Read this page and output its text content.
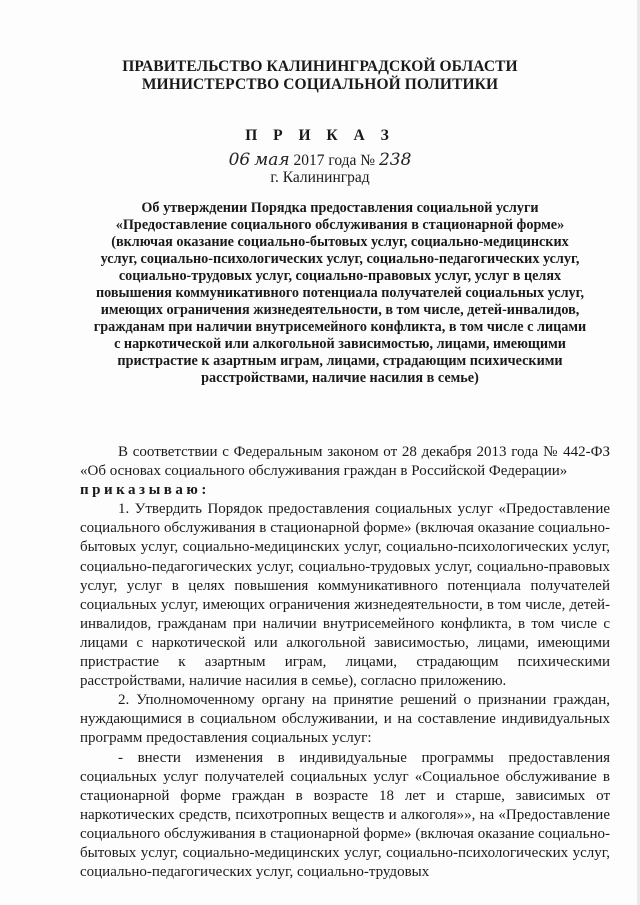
ПРАВИТЕЛЬСТВО КАЛИНИНГРАДСКОЙ ОБЛАСТИ
МИНИСТЕРСТВО СОЦИАЛЬНОЙ ПОЛИТИКИ
П Р И К А З
06 мая 2017 года № 238
г. Калининград
Об утверждении Порядка предоставления социальной услуги
«Предоставление социального обслуживания в стационарной форме»
(включая оказание социально-бытовых услуг, социально-медицинских
услуг, социально-психологических услуг, социально-педагогических услуг,
социально-трудовых услуг, социально-правовых услуг, услуг в целях
повышения коммуникативного потенциала получателей социальных услуг,
имеющих ограничения жизнедеятельности, в том числе, детей-инвалидов,
гражданам при наличии внутрисемейного конфликта, в том числе с лицами
с наркотической или алкогольной зависимостью, лицами, имеющими
пристрастие к азартным играм, лицами, страдающим психическими
расстройствами, наличие насилия в семье)

В соответствии с Федеральным законом от 28 декабря 2013 года № 442-ФЗ «Об основах социального обслуживания граждан в Российской Федерации»
приказываю:

1. Утвердить Порядок предоставления социальных услуг «Предоставление социального обслуживания в стационарной форме» (включая оказание социально-бытовых услуг, социально-медицинских услуг, социально-психологических услуг, социально-педагогических услуг, социально-трудовых услуг, социально-правовых услуг, услуг в целях повышения коммуникативного потенциала получателей социальных услуг, имеющих ограничения жизнедеятельности, в том числе, детей-инвалидов, гражданам при наличии внутрисемейного конфликта, в том числе с лицами с наркотической или алкогольной зависимостью, лицами, имеющими пристрастие к азартным играм, лицами, страдающим психическими расстройствами, наличие насилия в семье), согласно приложению.

2. Уполномоченному органу на принятие решений о признании граждан, нуждающимися в социальном обслуживании, и на составление индивидуальных программ предоставления социальных услуг:

- внести изменения в индивидуальные программы предоставления социальных услуг получателей социальных услуг «Социальное обслуживание в стационарной форме граждан в возрасте 18 лет и старше, зависимых от наркотических средств, психотропных веществ и алкоголя»», на «Предоставление социального обслуживания в стационарной форме» (включая оказание социально-бытовых услуг, социально-медицинских услуг, социально-психологических услуг, социально-педагогических услуг, социально-трудовых
